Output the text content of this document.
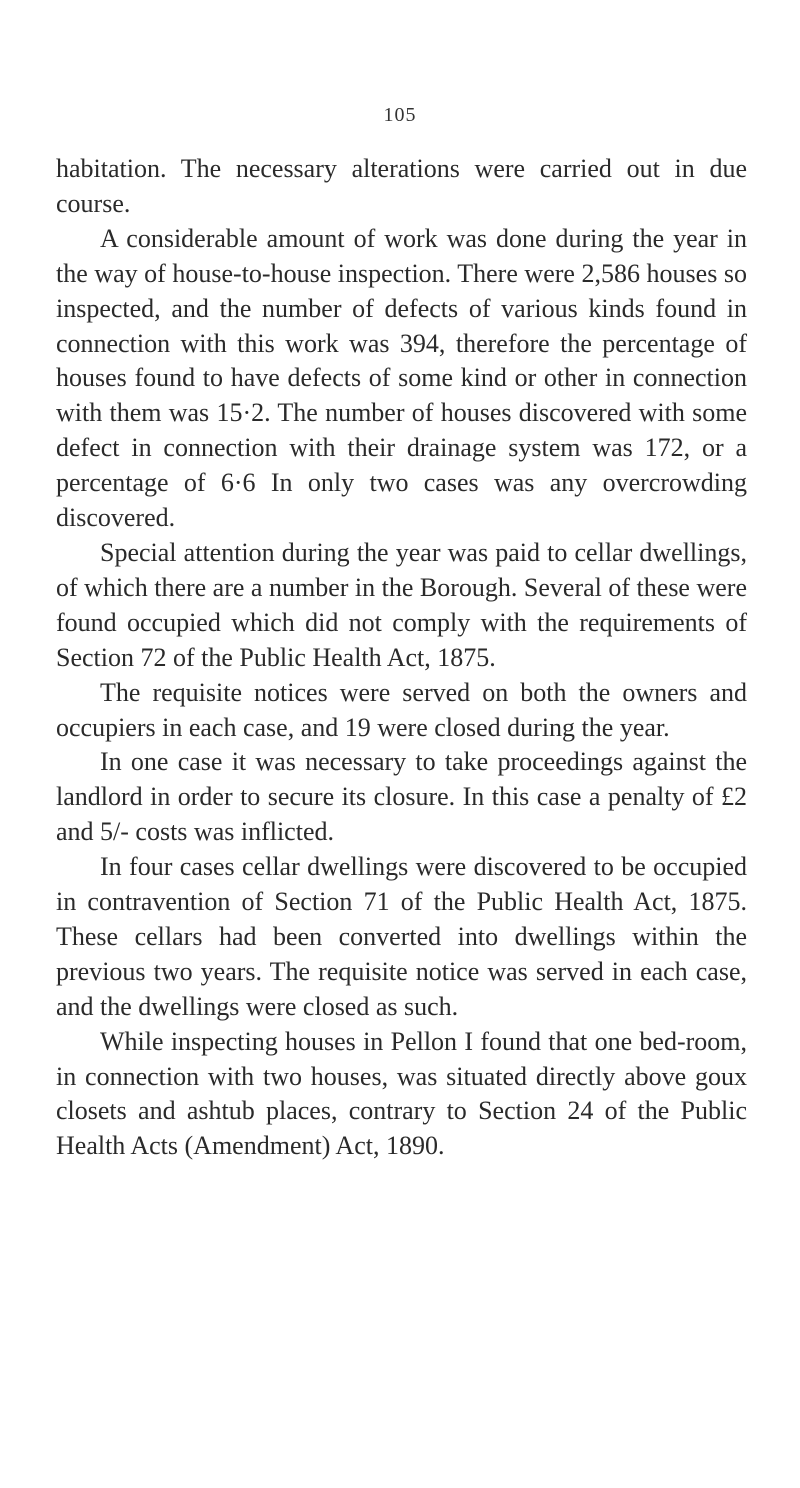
105

habitation. The necessary alterations were carried out in due course.

A considerable amount of work was done during the year in the way of house-to-house inspection. There were 2,586 houses so inspected, and the number of defects of various kinds found in connection with this work was 394, therefore the percentage of houses found to have defects of some kind or other in connection with them was 15·2. The number of houses discovered with some defect in connection with their drainage system was 172, or a percentage of 6·6 In only two cases was any overcrowding discovered.

Special attention during the year was paid to cellar dwellings, of which there are a number in the Borough. Several of these were found occupied which did not comply with the requirements of Section 72 of the Public Health Act, 1875.

The requisite notices were served on both the owners and occupiers in each case, and 19 were closed during the year.

In one case it was necessary to take proceedings against the landlord in order to secure its closure. In this case a penalty of £2 and 5/- costs was inflicted.

In four cases cellar dwellings were discovered to be occupied in contravention of Section 71 of the Public Health Act, 1875. These cellars had been converted into dwellings within the previous two years. The requisite notice was served in each case, and the dwellings were closed as such.

While inspecting houses in Pellon I found that one bed-room, in connection with two houses, was situated directly above goux closets and ashtub places, contrary to Section 24 of the Public Health Acts (Amendment) Act, 1890.
